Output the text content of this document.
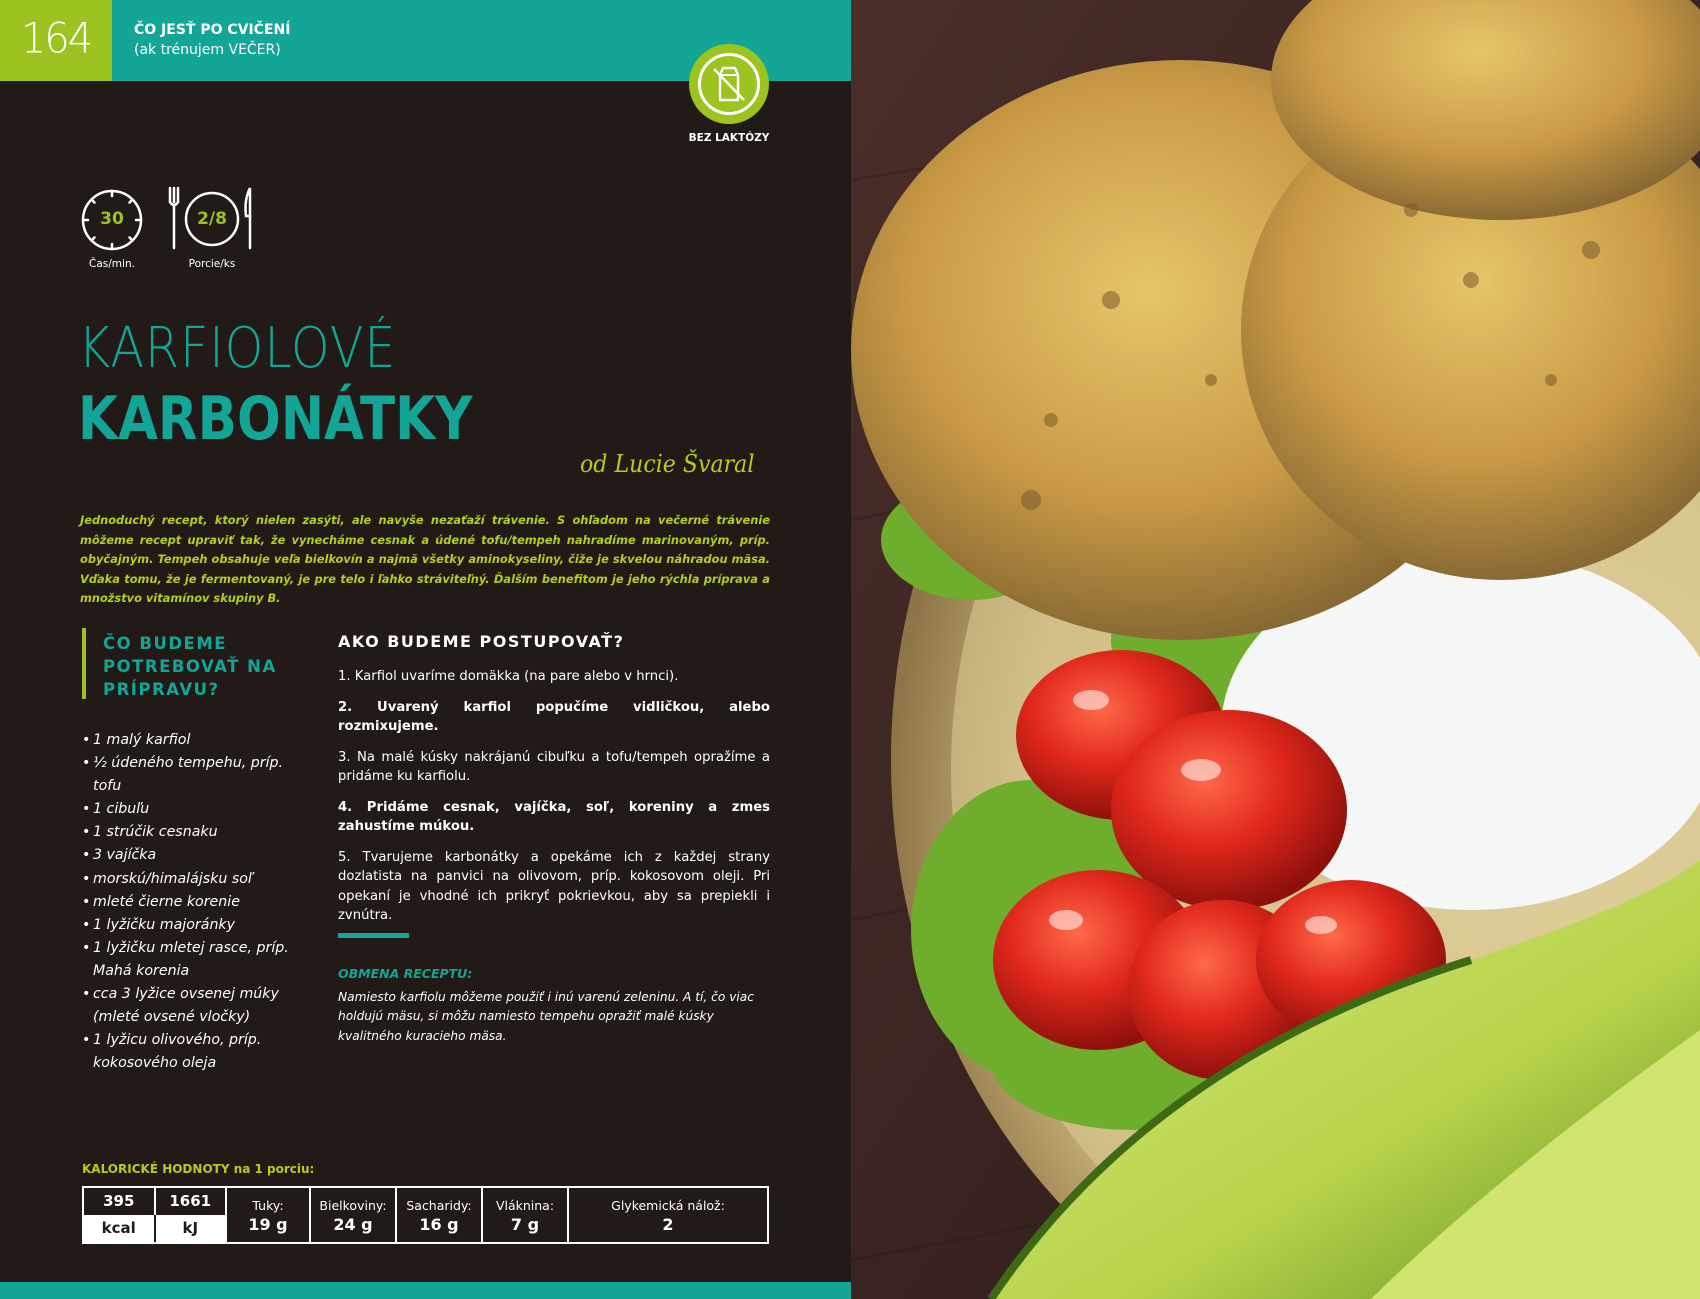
164	ČO JESŤ PO CVIČENÍ
(ak trénujem VEČER)
BEZ LAKTÓZY
30
Čas/min.
2/8
Porcie/ks
KARFIOLOVÉ
KARBONÁTKY
od Lucie Švaral

Jednoduchý recept, ktorý nielen zasýti, ale navyše nezaťaží trávenie. S ohľadom na večerné trávenie môžeme recept upraviť tak, že vynecháme cesnak a údené tofu/tempeh nahradíme marinovaným, príp. obyčajným. Tempeh obsahuje veľa bielkovín a najmä všetky aminokyseliny, čiže je skvelou náhradou mäsa. Vďaka tomu, že je fermentovaný, je pre telo i ľahko stráviteľný. Ďalším benefitom je jeho rýchla príprava a množstvo vitamínov skupiny B.

ČO BUDEME POTREBOVAŤ NA PRÍPRAVU?
• 1 malý karfiol
• ½ údeného tempehu, príp. tofu
• 1 cibuľu
• 1 strúčik cesnaku
• 3 vajíčka
• morskú/himalájsku soľ
• mleté čierne korenie
• 1 lyžičku majoránky
• 1 lyžičku mletej rasce, príp. Mahá korenia
• cca 3 lyžice ovsenej múky (mleté ovsené vločky)
• 1 lyžicu olivového, príp. kokosového oleja
AKO BUDEME POSTUPOVAŤ?

1. Karfiol uvaríme domäkka (na pare alebo v hrnci).

2. Uvarený karfiol popučíme vidličkou, alebo rozmixujeme.

3. Na malé kúsky nakrájanú cibuľku a tofu/tempeh opražíme a pridáme ku karfiolu.

4. Pridáme cesnak, vajíčka, soľ, koreniny a zmes zahustíme múkou.

5. Tvarujeme karbonátky a opekáme ich z každej strany dozlatista na panvici na olivovom, príp. kokosovom oleji. Pri opekaní je vhodné ich prikryť pokrievkou, aby sa prepiekli i zvnútra.

OBMENA RECEPTU:

Namiesto karfiolu môžeme použiť i inú varenú zeleninu. A tí, čo viac holdujú mäsu, si môžu namiesto tempehu opražiť malé kúsky kvalitného kuracieho mäsa.

KALORICKÉ HODNOTY na 1 porciu:
395	1661
kcal	kJ
Tuky:
19 g
Bielkoviny:
24 g
Sacharidy:
16 g
Vláknina:
7 g
Glykemická nálož:
2
